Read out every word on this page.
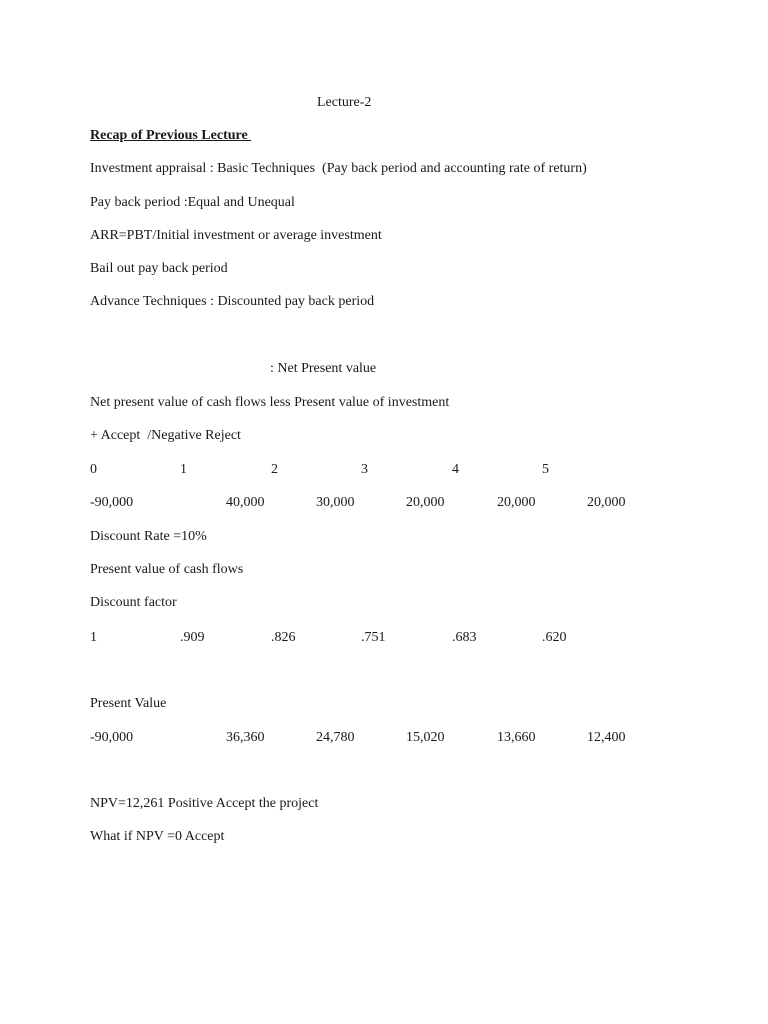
Lecture-2
Recap of Previous Lecture
Investment appraisal : Basic Techniques  (Pay back period and accounting rate of return)
Pay back period :Equal and Unequal
ARR=PBT/Initial investment or average investment
Bail out pay back period
Advance Techniques : Discounted pay back period
: Net Present value
Net present value of cash flows less Present value of investment
+ Accept  /Negative Reject
0	1	2	3	4	5
-90,000	40,000	30,000	20,000	20,000	20,000
Discount Rate =10%
Present value of cash flows
Discount factor
1	.909	.826	.751	.683	.620
Present Value
-90,000	36,360	24,780	15,020	13,660	12,400
NPV=12,261 Positive Accept the project
What if NPV =0 Accept
